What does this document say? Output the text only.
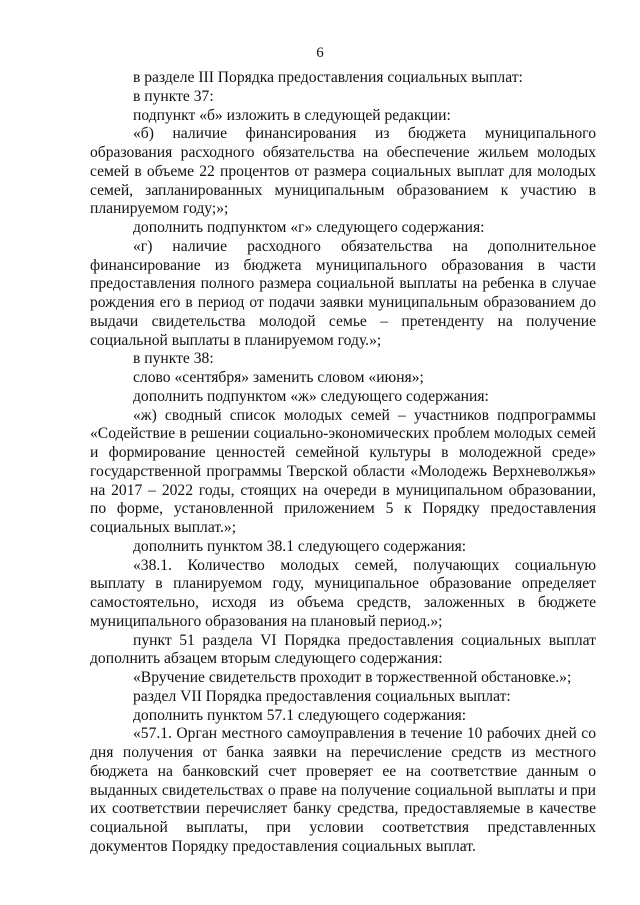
6

в разделе III Порядка предоставления социальных выплат:

в пункте 37:

подпункт «б» изложить в следующей редакции:

«б) наличие финансирования из бюджета муниципального образования расходного обязательства на обеспечение жильем молодых семей в объеме 22 процентов от размера социальных выплат для молодых семей, запланированных муниципальным образованием к участию в планируемом году;»;

дополнить подпунктом «г» следующего содержания:

«г) наличие расходного обязательства на дополнительное финансирование из бюджета муниципального образования в части предоставления полного размера социальной выплаты на ребенка в случае рождения его в период от подачи заявки муниципальным образованием до выдачи свидетельства молодой семье – претенденту на получение социальной выплаты в планируемом году.»;

в пункте 38:

слово «сентября» заменить словом «июня»;

дополнить подпунктом «ж» следующего содержания:

«ж) сводный список молодых семей – участников подпрограммы «Содействие в решении социально-экономических проблем молодых семей и формирование ценностей семейной культуры в молодежной среде» государственной программы Тверской области «Молодежь Верхневолжья» на 2017 – 2022 годы, стоящих на очереди в муниципальном образовании, по форме, установленной приложением 5 к Порядку предоставления социальных выплат.»;

дополнить пунктом 38.1 следующего содержания:

«38.1. Количество молодых семей, получающих социальную выплату в планируемом году, муниципальное образование определяет самостоятельно, исходя из объема средств, заложенных в бюджете муниципального образования на плановый период.»;

пункт 51 раздела VI Порядка предоставления социальных выплат дополнить абзацем вторым следующего содержания:

«Вручение свидетельств проходит в торжественной обстановке.»;

раздел VII Порядка предоставления социальных выплат:

дополнить пунктом 57.1 следующего содержания:

«57.1. Орган местного самоуправления в течение 10 рабочих дней со дня получения от банка заявки на перечисление средств из местного бюджета на банковский счет проверяет ее на соответствие данным о выданных свидетельствах о праве на получение социальной выплаты и при их соответствии перечисляет банку средства, предоставляемые в качестве социальной выплаты, при условии соответствия представленных документов Порядку предоставления социальных выплат.
